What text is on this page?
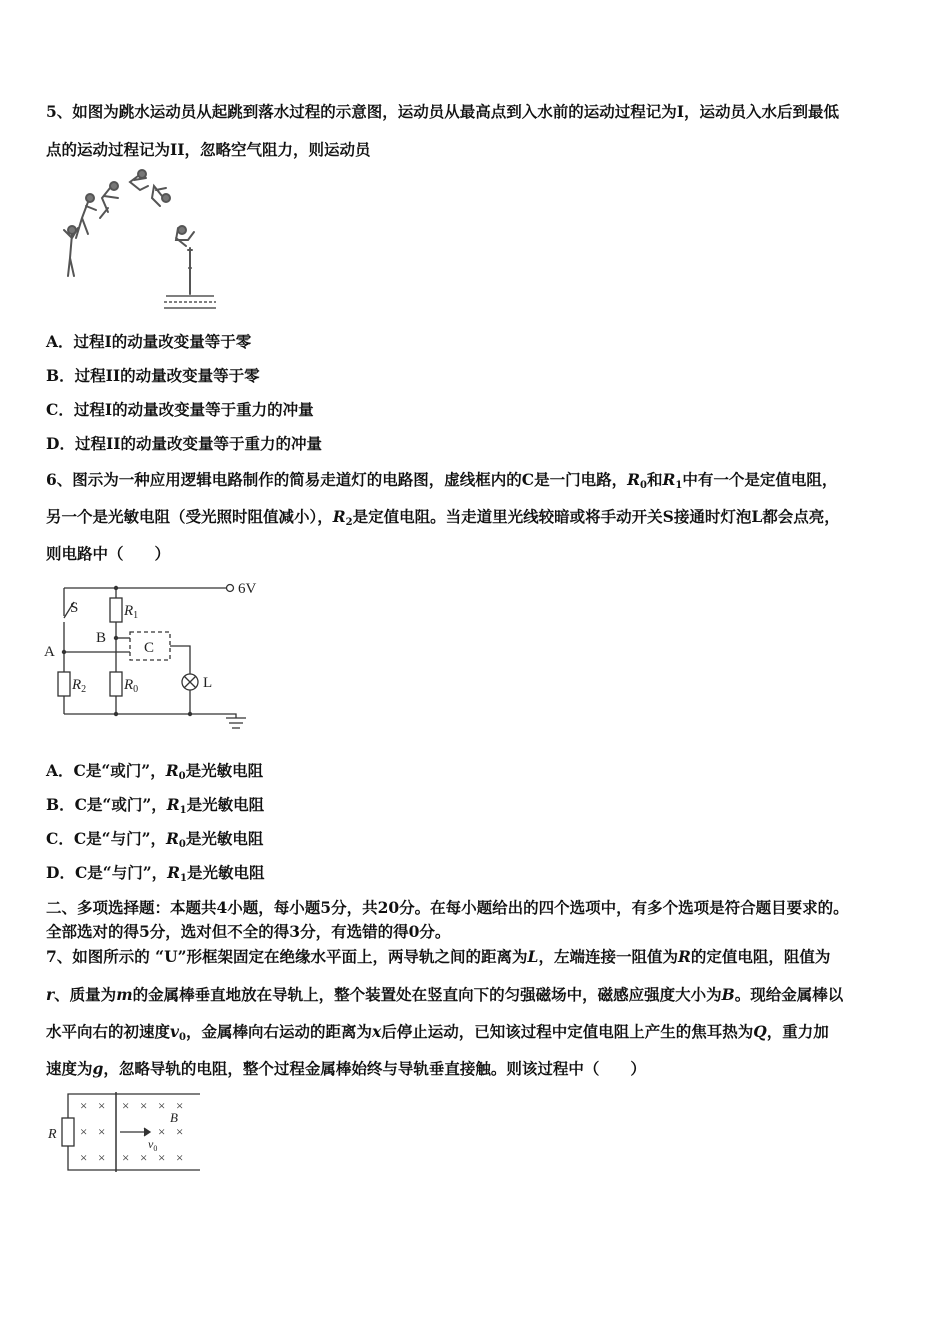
5、如图为跳水运动员从起跳到落水过程的示意图，运动员从最高点到入水前的运动过程记为I，运动员入水后到最低
点的运动过程记为II，忽略空气阻力，则运动员
A．过程I的动量改变量等于零
B．过程II的动量改变量等于零
C．过程I的动量改变量等于重力的冲量
D．过程II的动量改变量等于重力的冲量
6、图示为一种应用逻辑电路制作的简易走道灯的电路图，虚线框内的C是一门电路，$R_0$和$R_1$中有一个是定值电阻，
另一个是光敏电阻（受光照时阻值减小），$R_2$是定值电阻。当走道里光线较暗或将手动开关S接通时灯泡L都会点亮，
则电路中（　　）
6V
S
A
B
C
$R_1$
$R_2$	$R_0$	L
A．C是“或门”，$R_0$是光敏电阻
B．C是“或门”，$R_1$是光敏电阻
C．C是“与门”，$R_0$是光敏电阻
D．C是“与门”，$R_1$是光敏电阻
二、多项选择题：本题共4小题，每小题5分，共20分。在每小题给出的四个选项中，有多个选项是符合题目要求的。
全部选对的得5分，选对但不全的得3分，有选错的得0分。
7、如图所示的 “U”形框架固定在绝缘水平面上，两导轨之间的距离为L，左端连接一阻值为R的定值电阻，阻值为
r、质量为m的金属棒垂直地放在导轨上，整个装置处在竖直向下的匀强磁场中，磁感应强度大小为B。现给金属棒以
水平向右的初速度$v_0$，金属棒向右运动的距离为x后停止运动，已知该过程中定值电阻上产生的焦耳热为Q，重力加
速度为g，忽略导轨的电阻，整个过程金属棒始终与导轨垂直接触。则该过程中（　　）
× × × × × ×
× ×	× ×
× × × × × ×
R
B
$v_0$
